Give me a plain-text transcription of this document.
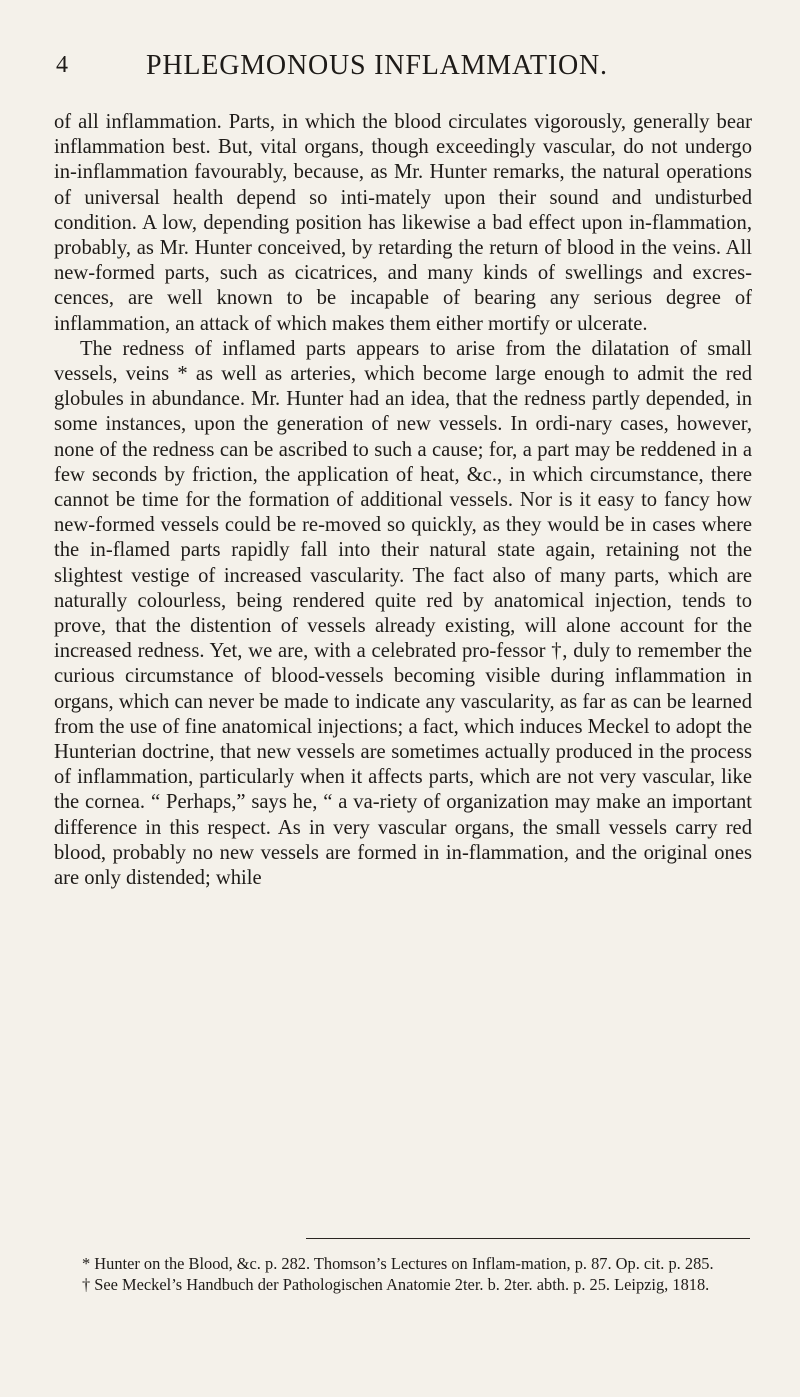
4	PHLEGMONOUS INFLAMMATION.

of all inflammation. Parts, in which the blood circulates vigorously, generally bear inflammation best. But, vital organs, though exceedingly vascular, do not undergo in-inflammation favourably, because, as Mr. Hunter remarks, the natural operations of universal health depend so inti-mately upon their sound and undisturbed condition. A low, depending position has likewise a bad effect upon in-flammation, probably, as Mr. Hunter conceived, by retarding the return of blood in the veins. All new-formed parts, such as cicatrices, and many kinds of swellings and excres-cences, are well known to be incapable of bearing any serious degree of inflammation, an attack of which makes them either mortify or ulcerate.

The redness of inflamed parts appears to arise from the dilatation of small vessels, veins * as well as arteries, which become large enough to admit the red globules in abundance. Mr. Hunter had an idea, that the redness partly depended, in some instances, upon the generation of new vessels. In ordi-nary cases, however, none of the redness can be ascribed to such a cause; for, a part may be reddened in a few seconds by friction, the application of heat, &c., in which circumstance, there cannot be time for the formation of additional vessels. Nor is it easy to fancy how new-formed vessels could be re-moved so quickly, as they would be in cases where the in-flamed parts rapidly fall into their natural state again, retaining not the slightest vestige of increased vascularity. The fact also of many parts, which are naturally colourless, being rendered quite red by anatomical injection, tends to prove, that the distention of vessels already existing, will alone account for the increased redness. Yet, we are, with a celebrated pro-fessor †, duly to remember the curious circumstance of blood-vessels becoming visible during inflammation in organs, which can never be made to indicate any vascularity, as far as can be learned from the use of fine anatomical injections; a fact, which induces Meckel to adopt the Hunterian doctrine, that new vessels are sometimes actually produced in the process of inflammation, particularly when it affects parts, which are not very vascular, like the cornea. “ Perhaps,” says he, “ a va-riety of organization may make an important difference in this respect. As in very vascular organs, the small vessels carry red blood, probably no new vessels are formed in in-flammation, and the original ones are only distended; while

* Hunter on the Blood, &c. p. 282. Thomson’s Lectures on Inflam-mation, p. 87. Op. cit. p. 285.

† See Meckel’s Handbuch der Pathologischen Anatomie 2ter. b. 2ter. abth. p. 25. Leipzig, 1818.
